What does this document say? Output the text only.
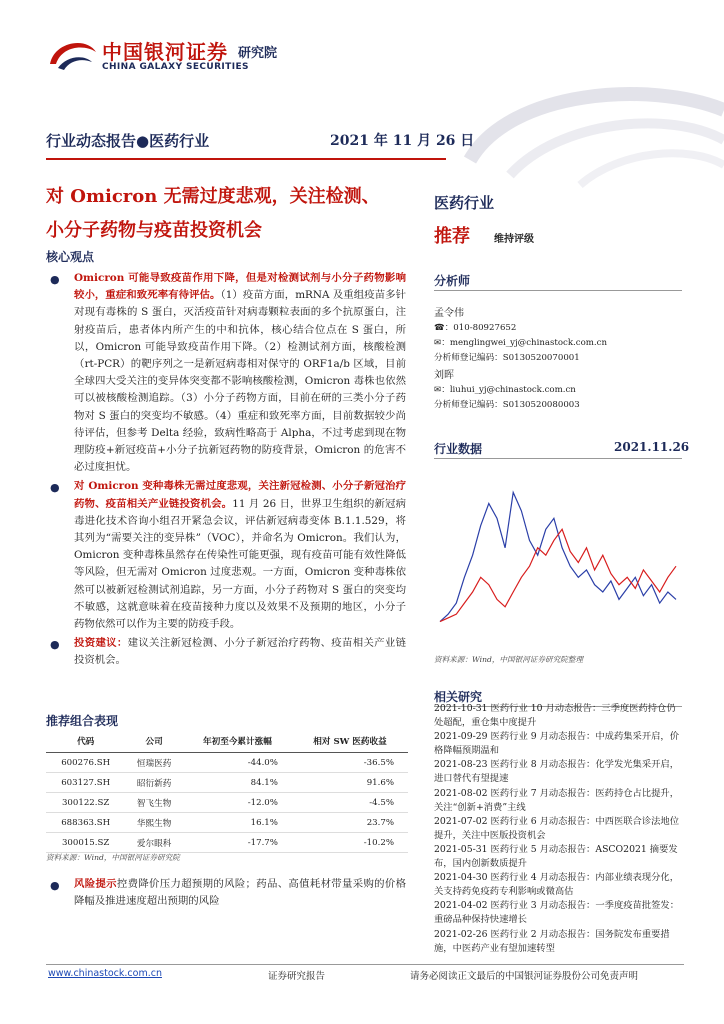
中国银河证券 研究院
CHINA GALAXY SECURITIES
行业动态报告●医药行业	2021 年 11 月 26 日
对 Omicron 无需过度悲观，关注检测、
小分子药物与疫苗投资机会
医药行业
推荐	维持评级
分析师
孟令伟
☎：010-80927652
✉：menglingwei_yj@chinastock.com.cn
分析师登记编码：S0130520070001
刘晖
✉：liuhui_yj@chinastock.com.cn
分析师登记编码：S0130520080003
行业数据	2021.11.26
资料来源：Wind，中国银河证券研究院整理
相关研究
2021-10-31 医药行业 10 月动态报告：三季度医药持仓仍处超配，重仓集中度提升
2021-09-29 医药行业 9 月动态报告：中成药集采开启，价格降幅预期温和
2021-08-23 医药行业 8 月动态报告：化学发光集采开启，进口替代有望提速
2021-08-02 医药行业 7 月动态报告：医药持仓占比提升，关注“创新+消费”主线
2021-07-02 医药行业 6 月动态报告：中西医联合诊法地位提升，关注中医版投资机会
2021-05-31 医药行业 5 月动态报告：ASCO2021 摘要发布，国内创新数质提升
2021-04-30 医药行业 4 月动态报告：内部业绩表现分化，关支持药免疫药专利影响或微高估
2021-04-02 医药行业 3 月动态报告：一季度疫苗批签发：重磅品种保持快速增长
2021-02-26 医药行业 2 月动态报告：国务院发布重要措施，中医药产业有望加速转型
核心观点
● Omicron 可能导致疫苗作用下降，但是对检测试剂与小分子药物影响较小，重症和致死率有待评估。（1）疫苗方面，mRNA 及重组疫苗多针对现有毒株的 S 蛋白，灭活疫苗针对病毒颗粒表面的多个抗原蛋白，注射疫苗后，患者体内所产生的中和抗体，核心结合位点在 S 蛋白，所以，Omicron 可能导致疫苗作用下降。（2）检测试剂方面，核酸检测（rt-PCR）的靶序列之一是新冠病毒相对保守的 ORF1a/b 区域，目前全球四大受关注的变异体突变都不影响核酸检测，Omicron 毒株也依然可以被核酸检测追踪。（3）小分子药物方面，目前在研的三类小分子药物对 S 蛋白的突变均不敏感。（4）重症和致死率方面，目前数据较少尚待评估，但参考 Delta 经验，致病性略高于 Alpha，不过考虑到现在物理防疫+新冠疫苗+小分子抗新冠药物的防疫背景，Omicron 的危害不必过度担忧。
● 对 Omicron 变种毒株无需过度悲观，关注新冠检测、小分子新冠治疗药物、疫苗相关产业链投资机会。11 月 26 日，世界卫生组织的新冠病毒进化技术咨询小组召开紧急会议，评估新冠病毒变体 B.1.1.529，将其列为“需要关注的变异株”（VOC），并命名为 Omicron。我们认为，Omicron 变种毒株虽然存在传染性可能更强，现有疫苗可能有效性降低等风险，但无需对 Omicron 过度悲观。一方面，Omicron 变种毒株依然可以被新冠检测试剂追踪，另一方面，小分子药物对 S 蛋白的突变均不敏感，这就意味着在疫苗接种力度以及效果不及预期的地区，小分子药物依然可以作为主要的防疫手段。
● 投资建议：建议关注新冠检测、小分子新冠治疗药物、疫苗相关产业链投资机会。
推荐组合表现
代码	公司	年初至今累计涨幅	相对 SW 医药收益
600276.SH	恒瑞医药	-44.0%	-36.5%
603127.SH	昭衍新药	84.1%	91.6%
300122.SZ	智飞生物	-12.0%	-4.5%
688363.SH	华熙生物	16.1%	23.7%
300015.SZ	爱尔眼科	-17.7%	-10.2%
资料来源：Wind，中国银河证券研究院
● 风险提示控费降价压力超预期的风险；药品、高值耗材带量采购的价格降幅及推进速度超出预期的风险
www.chinastock.com.cn	证券研究报告	请务必阅读正文最后的中国银河证券股份公司免责声明
